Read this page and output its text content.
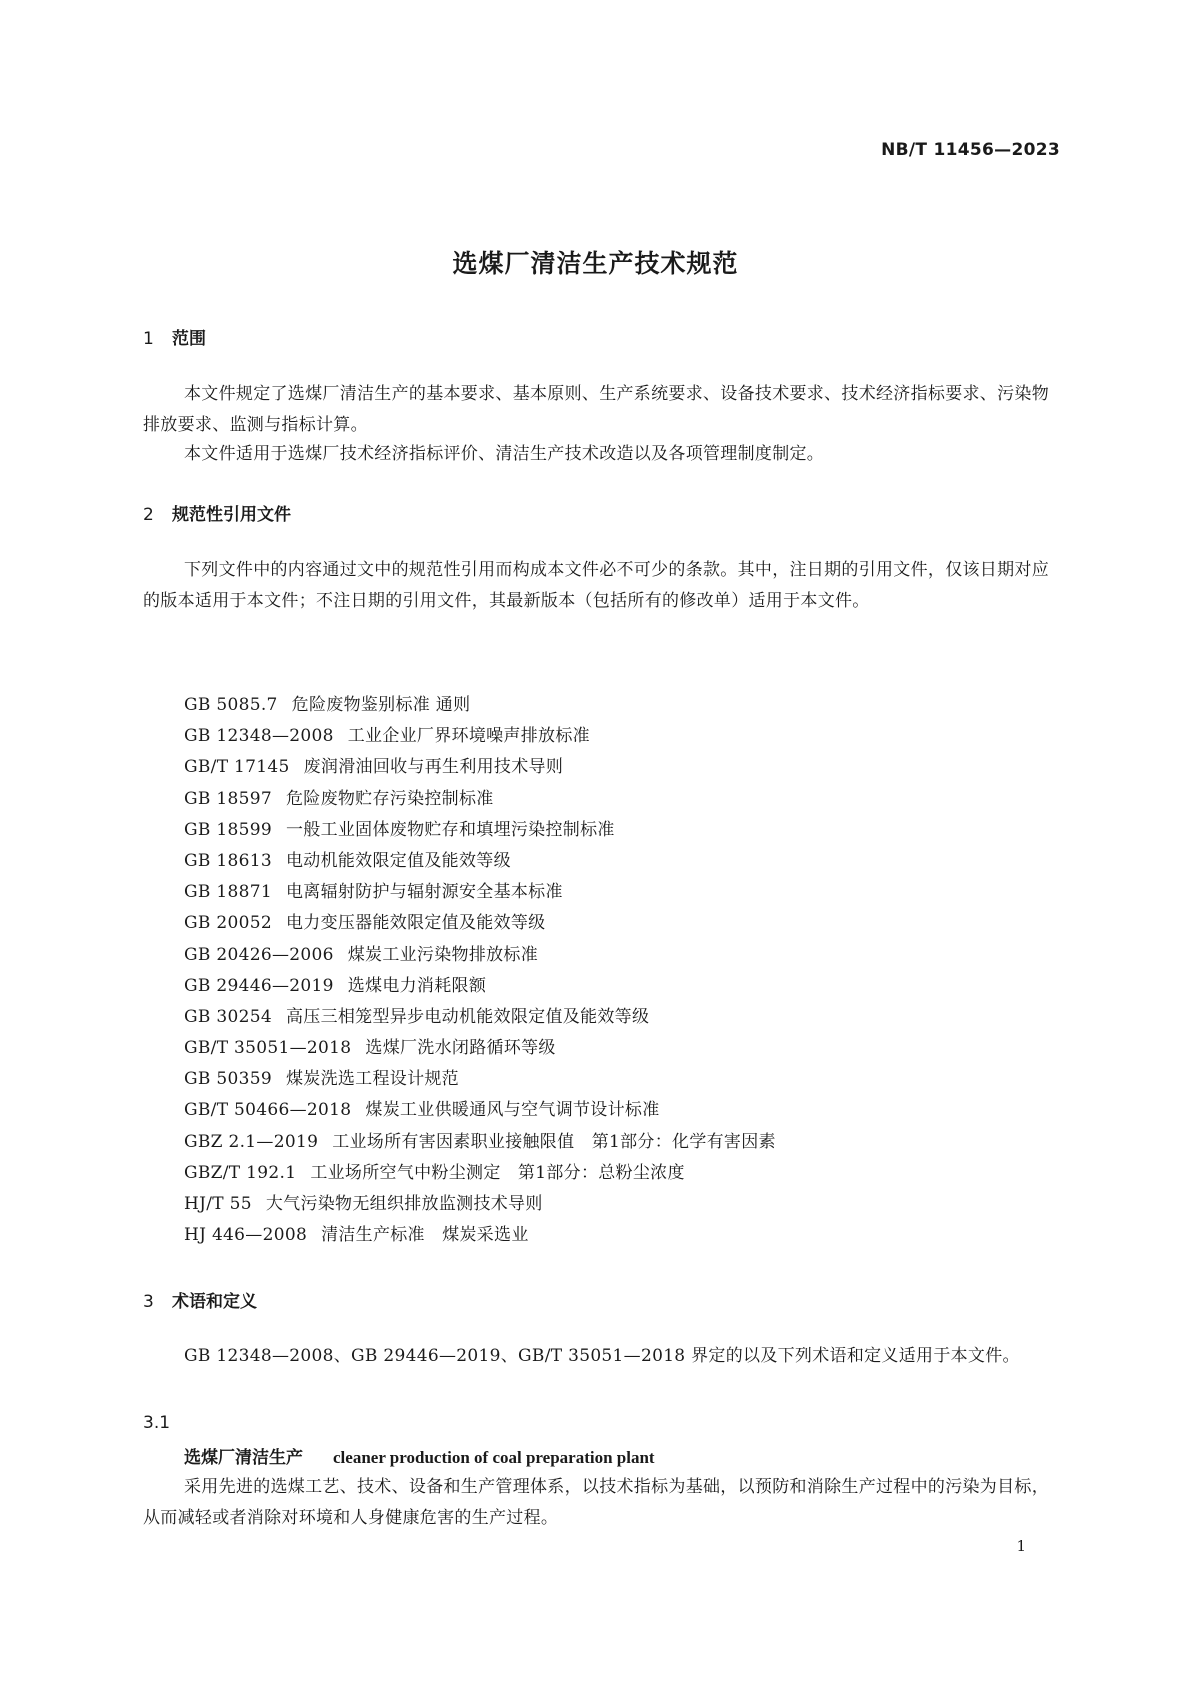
NB/T 11456—2023
选煤厂清洁生产技术规范
1 范围
本文件规定了选煤厂清洁生产的基本要求、基本原则、生产系统要求、设备技术要求、技术经济指标要求、污染物排放要求、监测与指标计算。
本文件适用于选煤厂技术经济指标评价、清洁生产技术改造以及各项管理制度制定。
2 规范性引用文件
下列文件中的内容通过文中的规范性引用而构成本文件必不可少的条款。其中，注日期的引用文件，仅该日期对应的版本适用于本文件；不注日期的引用文件，其最新版本（包括所有的修改单）适用于本文件。
GB 5085.7 危险废物鉴别标准 通则
GB 12348—2008 工业企业厂界环境噪声排放标准
GB/T 17145 废润滑油回收与再生利用技术导则
GB 18597 危险废物贮存污染控制标准
GB 18599 一般工业固体废物贮存和填埋污染控制标准
GB 18613 电动机能效限定值及能效等级
GB 18871 电离辐射防护与辐射源安全基本标准
GB 20052 电力变压器能效限定值及能效等级
GB 20426—2006 煤炭工业污染物排放标准
GB 29446—2019 选煤电力消耗限额
GB 30254 高压三相笼型异步电动机能效限定值及能效等级
GB/T 35051—2018 选煤厂洗水闭路循环等级
GB 50359 煤炭洗选工程设计规范
GB/T 50466—2018 煤炭工业供暖通风与空气调节设计标准
GBZ 2.1—2019 工业场所有害因素职业接触限值　第1部分：化学有害因素
GBZ/T 192.1 工业场所空气中粉尘测定　第1部分：总粉尘浓度
HJ/T 55 大气污染物无组织排放监测技术导则
HJ 446—2008 清洁生产标准　煤炭采选业
3 术语和定义
GB 12348—2008、GB 29446—2019、GB/T 35051—2018 界定的以及下列术语和定义适用于本文件。
3.1
选煤厂清洁生产 cleaner production of coal preparation plant
采用先进的选煤工艺、技术、设备和生产管理体系，以技术指标为基础，以预防和消除生产过程中的污染为目标，从而减轻或者消除对环境和人身健康危害的生产过程。
1
